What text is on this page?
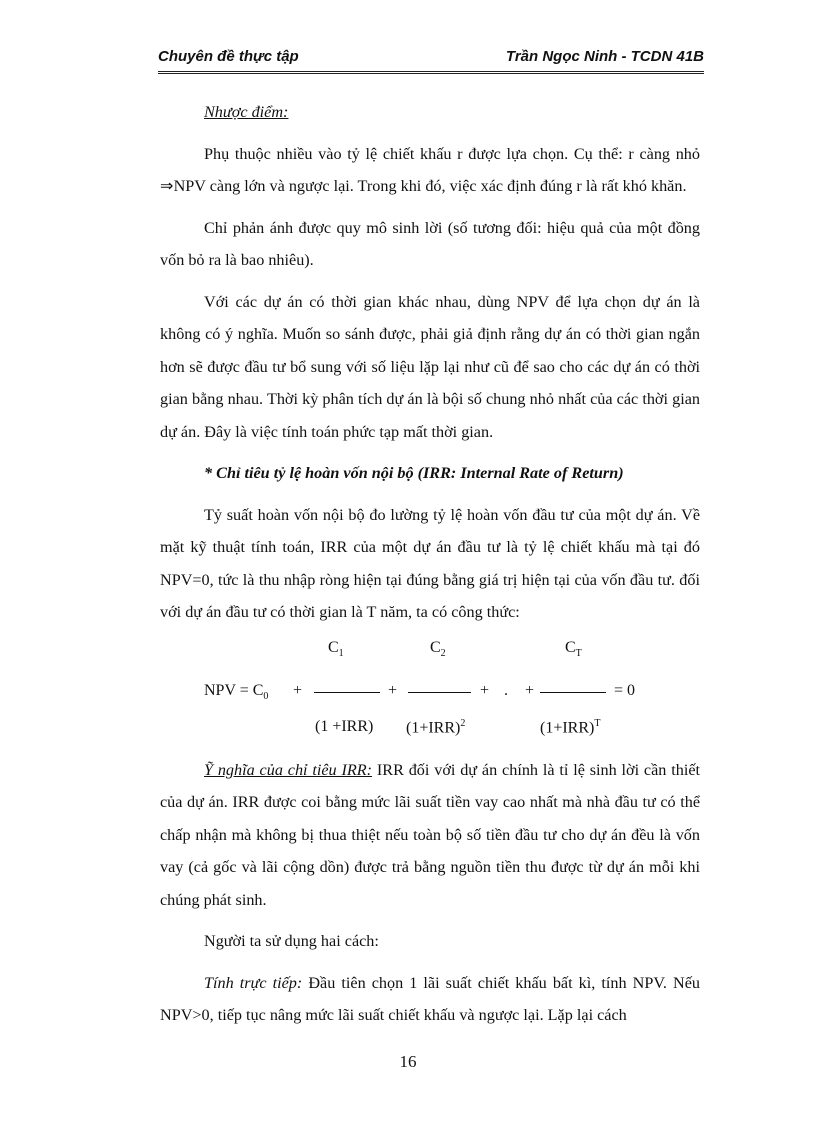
Chuyên đề thực tập	Trần Ngọc Ninh - TCDN 41B

Nhược điểm:

Phụ thuộc nhiều vào tỷ lệ chiết khấu r được lựa chọn. Cụ thể: r càng nhỏ ⇒NPV càng lớn và ngược lại. Trong khi đó, việc xác định đúng r là rất khó khăn.

Chỉ phản ánh được quy mô sinh lời (số tương đối: hiệu quả của một đồng vốn bỏ ra là bao nhiêu).

Với các dự án có thời gian khác nhau, dùng NPV để lựa chọn dự án là không có ý nghĩa. Muốn so sánh được, phải giả định rằng dự án có thời gian ngắn hơn sẽ được đầu tư bổ sung với số liệu lặp lại như cũ để sao cho các dự án có thời gian bằng nhau. Thời kỳ phân tích dự án là bội số chung nhỏ nhất của các thời gian dự án. Đây là việc tính toán phức tạp mất thời gian.

* Chỉ tiêu tỷ lệ hoàn vốn nội bộ (IRR: Internal Rate of Return)

Tỷ suất hoàn vốn nội bộ đo lường tỷ lệ hoàn vốn đầu tư của một dự án. Về mặt kỹ thuật tính toán, IRR của một dự án đầu tư là tỷ lệ chiết khấu mà tại đó NPV=0, tức là thu nhập ròng hiện tại đúng bằng giá trị hiện tại của vốn đầu tư. đối với dự án đầu tư có thời gian là T năm, ta có công thức:

$C_1$	$C_2$	$C_T$
NPV = $C_0$ +	+	+ . +	= 0
(1 +IRR) $(1+IRR)^2$	$(1+IRR)^T$

Ỹ nghĩa của chỉ tiêu IRR: IRR đối với dự án chính là tỉ lệ sinh lời cần thiết của dự án. IRR được coi bằng mức lãi suất tiền vay cao nhất mà nhà đầu tư có thể chấp nhận mà không bị thua thiệt nếu toàn bộ số tiền đầu tư cho dự án đều là vốn vay (cả gốc và lãi cộng dồn) được trả bằng nguồn tiền thu được từ dự án mỗi khi chúng phát sinh.

Người ta sử dụng hai cách:

Tính trực tiếp: Đầu tiên chọn 1 lãi suất chiết khấu bất kì, tính NPV. Nếu NPV>0, tiếp tục nâng mức lãi suất chiết khấu và ngược lại. Lặp lại cách

16
